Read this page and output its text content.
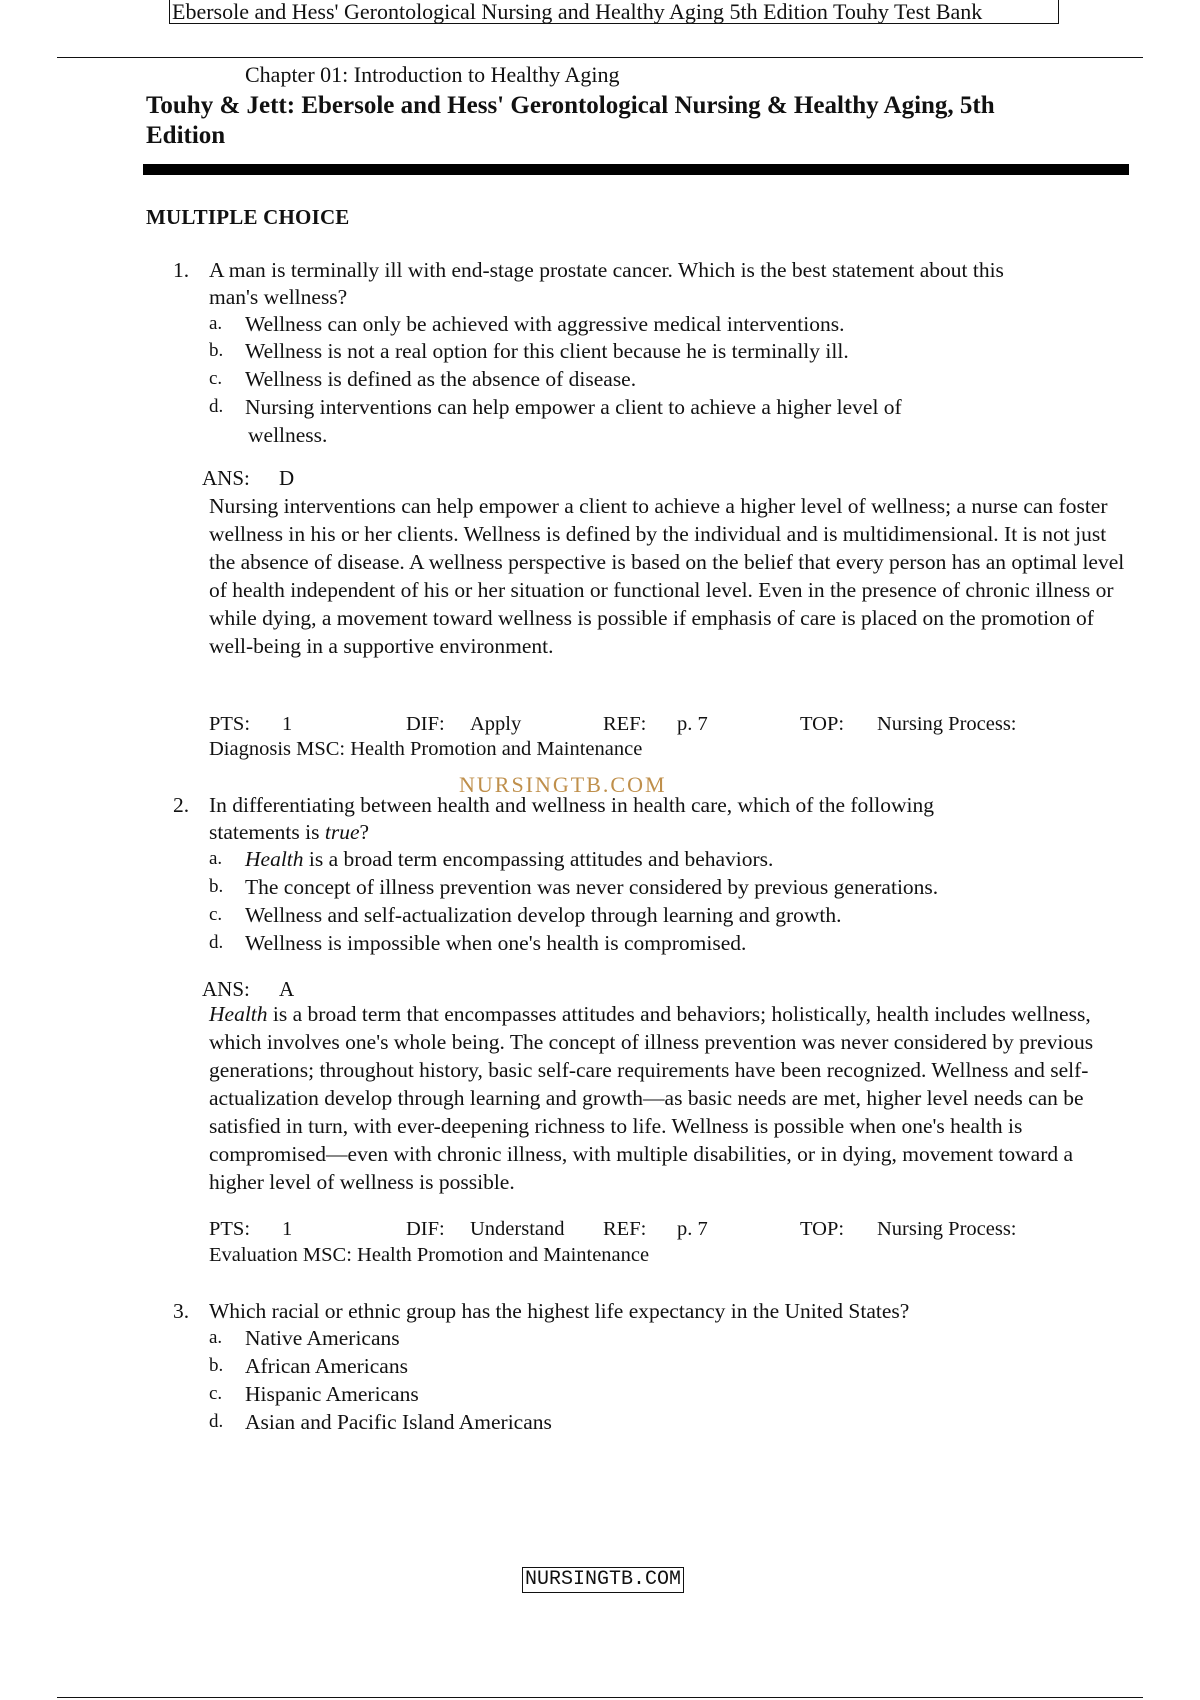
Ebersole and Hess' Gerontological Nursing and Healthy Aging 5th Edition Touhy Test Bank
Chapter 01: Introduction to Healthy Aging
Touhy & Jett: Ebersole and Hess' Gerontological Nursing & Healthy Aging, 5th
Edition
MULTIPLE CHOICE
1. A man is terminally ill with end-stage prostate cancer. Which is the best statement about this
man's wellness?
a. Wellness can only be achieved with aggressive medical interventions.
b. Wellness is not a real option for this client because he is terminally ill.
c. Wellness is defined as the absence of disease.
d. Nursing interventions can help empower a client to achieve a higher level of
wellness.
ANS: D
Nursing interventions can help empower a client to achieve a higher level of wellness; a nurse can foster wellness in his or her clients. Wellness is defined by the individual and is multidimensional. It is not just the absence of disease. A wellness perspective is based on the belief that every person has an optimal level of health independent of his or her situation or functional level. Even in the presence of chronic illness or while dying, a movement toward wellness is possible if emphasis of care is placed on the promotion of well-being in a supportive environment.
PTS: 1	DIF: Apply	REF: p. 7	TOP: Nursing Process:
Diagnosis MSC: Health Promotion and Maintenance
NURSINGTB.COM
2. In differentiating between health and wellness in health care, which of the following
statements is true?
a. Health is a broad term encompassing attitudes and behaviors.
b. The concept of illness prevention was never considered by previous generations.
c. Wellness and self-actualization develop through learning and growth.
d. Wellness is impossible when one's health is compromised.
ANS: A
Health is a broad term that encompasses attitudes and behaviors; holistically, health includes wellness, which involves one's whole being. The concept of illness prevention was never considered by previous generations; throughout history, basic self-care requirements have been recognized. Wellness and self-actualization develop through learning and growth—as basic needs are met, higher level needs can be satisfied in turn, with ever-deepening richness to life. Wellness is possible when one's health is compromised—even with chronic illness, with multiple disabilities, or in dying, movement toward a higher level of wellness is possible.
PTS: 1	DIF: Understand REF: p. 7	TOP: Nursing Process:
Evaluation MSC: Health Promotion and Maintenance
3. Which racial or ethnic group has the highest life expectancy in the United States?
a. Native Americans
b. African Americans
c. Hispanic Americans
d. Asian and Pacific Island Americans
NURSINGTB.COM
